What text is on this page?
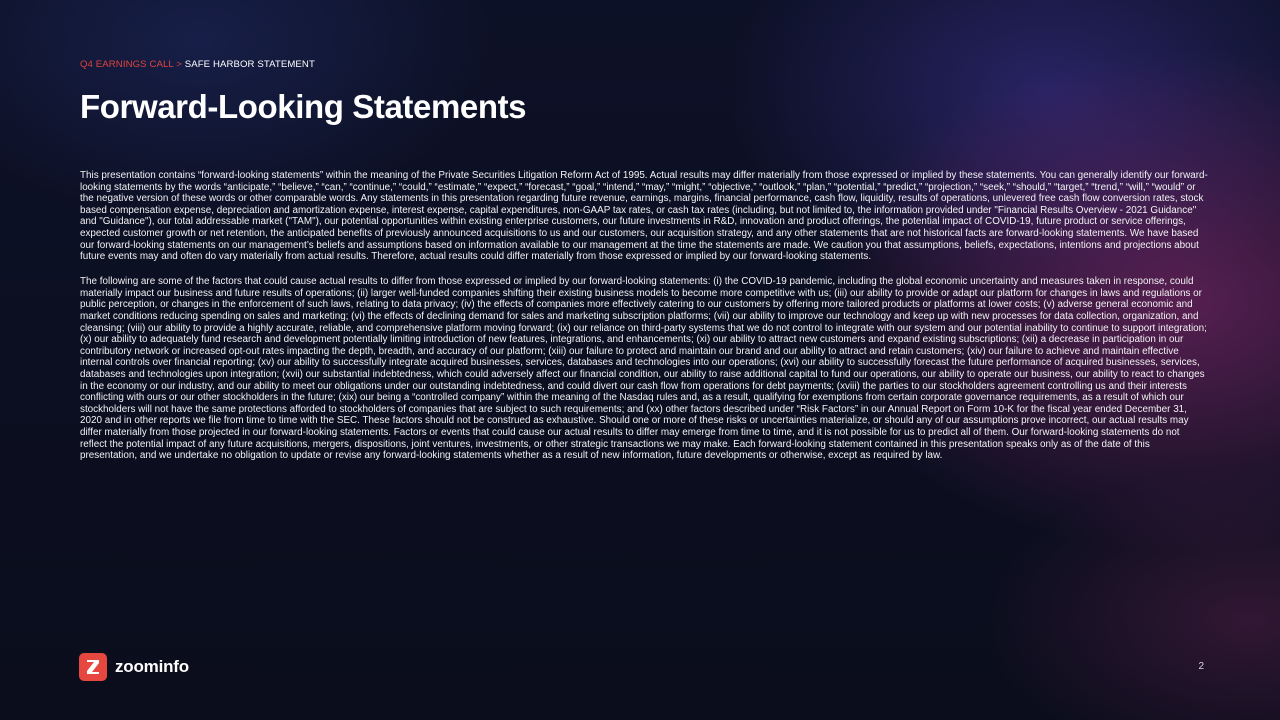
Q4 EARNINGS CALL > SAFE HARBOR STATEMENT
Forward-Looking Statements

This presentation contains “forward-looking statements” within the meaning of the Private Securities Litigation Reform Act of 1995. Actual results may differ materially from those expressed or implied by these statements. You can generally identify our forward-looking statements by the words “anticipate,” “believe,” “can,” “continue,” “could,” “estimate,” “expect,” “forecast,” “goal,” “intend,” “may,” “might,” “objective,” “outlook,” “plan,” “potential,” “predict,” “projection,” “seek,” “should,” “target,” “trend,” “will,” “would” or the negative version of these words or other comparable words. Any statements in this presentation regarding future revenue, earnings, margins, financial performance, cash flow, liquidity, results of operations, unlevered free cash flow conversion rates, stock based compensation expense, depreciation and amortization expense, interest expense, capital expenditures, non-GAAP tax rates, or cash tax rates (including, but not limited to, the information provided under "Financial Results Overview - 2021 Guidance" and "Guidance"), our total addressable market ("TAM"), our potential opportunities within existing enterprise customers, our future investments in R&D, innovation and product offerings, the potential impact of COVID-19, future product or service offerings, expected customer growth or net retention, the anticipated benefits of previously announced acquisitions to us and our customers, our acquisition strategy, and any other statements that are not historical facts are forward-looking statements. We have based our forward-looking statements on our management’s beliefs and assumptions based on information available to our management at the time the statements are made. We caution you that assumptions, beliefs, expectations, intentions and projections about future events may and often do vary materially from actual results. Therefore, actual results could differ materially from those expressed or implied by our forward-looking statements.

The following are some of the factors that could cause actual results to differ from those expressed or implied by our forward-looking statements: (i) the COVID-19 pandemic, including the global economic uncertainty and measures taken in response, could materially impact our business and future results of operations; (ii) larger well-funded companies shifting their existing business models to become more competitive with us; (iii) our ability to provide or adapt our platform for changes in laws and regulations or public perception, or changes in the enforcement of such laws, relating to data privacy; (iv) the effects of companies more effectively catering to our customers by offering more tailored products or platforms at lower costs; (v) adverse general economic and market conditions reducing spending on sales and marketing; (vi) the effects of declining demand for sales and marketing subscription platforms; (vii) our ability to improve our technology and keep up with new processes for data collection, organization, and cleansing; (viii) our ability to provide a highly accurate, reliable, and comprehensive platform moving forward; (ix) our reliance on third-party systems that we do not control to integrate with our system and our potential inability to continue to support integration; (x) our ability to adequately fund research and development potentially limiting introduction of new features, integrations, and enhancements; (xi) our ability to attract new customers and expand existing subscriptions; (xii) a decrease in participation in our contributory network or increased opt-out rates impacting the depth, breadth, and accuracy of our platform; (xiii) our failure to protect and maintain our brand and our ability to attract and retain customers; (xiv) our failure to achieve and maintain effective internal controls over financial reporting; (xv) our ability to successfully integrate acquired businesses, services, databases and technologies into our operations; (xvi) our ability to successfully forecast the future performance of acquired businesses, services, databases and technologies upon integration; (xvii) our substantial indebtedness, which could adversely affect our financial condition, our ability to raise additional capital to fund our operations, our ability to operate our business, our ability to react to changes in the economy or our industry, and our ability to meet our obligations under our outstanding indebtedness, and could divert our cash flow from operations for debt payments; (xviii) the parties to our stockholders agreement controlling us and their interests conflicting with ours or our other stockholders in the future; (xix) our being a “controlled company” within the meaning of the Nasdaq rules and, as a result, qualifying for exemptions from certain corporate governance requirements, as a result of which our stockholders will not have the same protections afforded to stockholders of companies that are subject to such requirements; and (xx) other factors described under “Risk Factors” in our Annual Report on Form 10-K for the fiscal year ended December 31, 2020 and in other reports we file from time to time with the SEC. These factors should not be construed as exhaustive. Should one or more of these risks or uncertainties materialize, or should any of our assumptions prove incorrect, our actual results may differ materially from those projected in our forward-looking statements. Factors or events that could cause our actual results to differ may emerge from time to time, and it is not possible for us to predict all of them. Our forward-looking statements do not reflect the potential impact of any future acquisitions, mergers, dispositions, joint ventures, investments, or other strategic transactions we may make. Each forward-looking statement contained in this presentation speaks only as of the date of this presentation, and we undertake no obligation to update or revise any forward-looking statements whether as a result of new information, future developments or otherwise, except as required by law.

zoominfo	2
